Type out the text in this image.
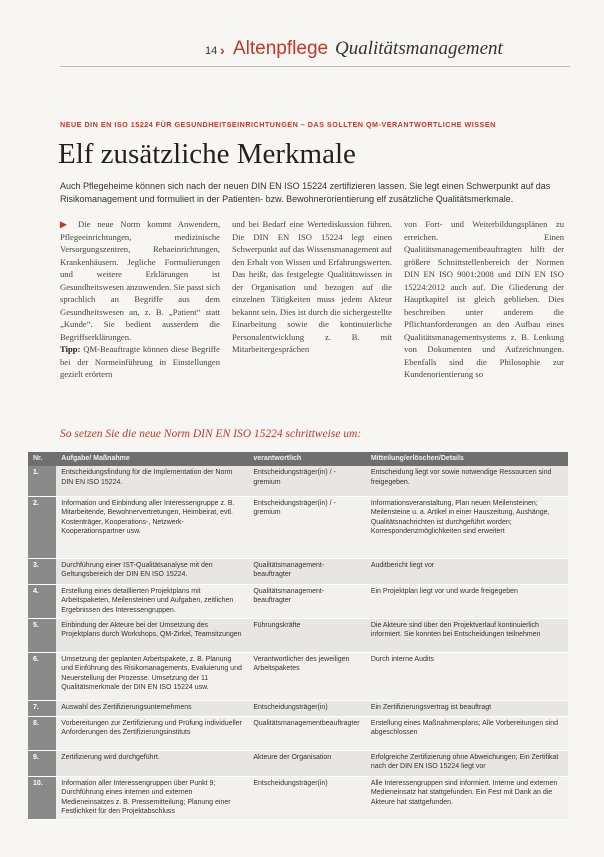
14 › Altenpflege Qualitätsmanagement
NEUE DIN EN ISO 15224 FÜR GESUNDHEITSEINRICHTUNGEN – DAS SOLLTEN QM-VERANTWORTLICHE WISSEN
Elf zusätzliche Merkmale
Auch Pflegeheime können sich nach der neuen DIN EN ISO 15224 zertifizieren lassen. Sie legt einen Schwerpunkt auf das Risikomanagement und formuliert in der Patienten- bzw. Bewohnerorientierung elf zusätzliche Qualitätsmerkmale.

▶ Die neue Norm kommt Anwendern, Pflegeeinrichtungen, medizinische Versorgungszentren, Rehaeinrichtungen, Krankenhäusern. Jegliche Formulierungen und weitere Erklärungen ist Gesundheitswesen anzuwenden. Sie passt sich sprachlich an Begriffe aus dem Gesundheitswesen an, z. B. „Patient“ statt „Kunde“. Sie bedient ausserdem die Begriffserklärungen.

Tipp: QM-Beauftragte können diese Begriffe bei der Normeinführung in Einstellungen gezielt erörtern

und bei Bedarf eine Wertediskussion führen. Die DIN EN ISO 15224 legt einen Schwerpunkt auf das Wissensmanagement auf den Erhalt von Wissen und Erfahrungswerten. Das heißt, das festgelegte Qualitätswissen in der Organisation und bezogen auf die einzelnen Tätigkeiten muss jedem Akteur bekannt sein. Dies ist durch die sichergestellte Einarbeitung sowie die kontinuierliche Personalentwicklung z. B. mit Mitarbeitergesprächen

von Fort- und Weiterbildungsplänen zu erreichen. Einen Qualitätsmanagementbeauftragten hilft der größere Schnittstellenbereich der Normen DIN EN ISO 9001:2008 und DIN EN ISO 15224:2012 auch auf. Die Gliederung der Hauptkapitel ist gleich geblieben. Dies beschreiben unter anderem die Pflichtanforderungen an den Aufbau eines Qualitätsmanagementsystems z. B. Lenkung von Dokumenten und Aufzeichnungen. Ebenfalls sind die Philosophie zur Kundenorientierung so

So setzen Sie die neue Norm DIN EN ISO 15224 schrittweise um:
Nr.	Aufgabe/ Maßnahme	verantwortlich	Mitteilung/erlöschen/Details
1.	Entscheidungsfindung für die Implementation der Norm DIN EN ISO 15224.	Entscheidungsträger(in) / -gremium	Entscheidung liegt vor sowie notwendige Ressourcen sind freigegeben.
2.	Information und Einbindung aller Interessengruppe z. B. Mitarbeitende, Bewohnervertretungen, Heimbeirat, evtl. Kostenträger, Kooperations-, Netzwerk-Kooperationspartner usw.	Entscheidungsträger(in) / -gremium	Informationsveranstaltung, Plan neuen Meilensteinen; Meilensteine u. a. Artikel in einer Hauszeitung, Aushänge, Qualitätsnachrichten ist durchgeführt worden; Korrespondenzmöglichkeiten sind erweitert
3.	Durchführung einer IST-Qualitätsanalyse mit den Geltungsbereich der DIN EN ISO 15224.	Qualitätsmanagement-beauftragter	Auditbericht liegt vor
4.	Erstellung eines detaillierten Projektplans mit Arbeitspaketen, Meilensteinen und Aufgaben, zeitlichen Ergebnissen des Interessengruppen.	Qualitätsmanagement-beauftragter	Ein Projektplan liegt vor und wurde freigegeben
5.	Einbindung der Akteure bei der Umsetzung des Projektplans durch Workshops, QM-Zirkel, Teamsitzungen	Führungskräfte	Die Akteure sind über den Projektverlauf kontinuierlich informiert. Sie konnten bei Entscheidungen teilnehmen
6.	Umsetzung der geplanten Arbeitspakete, z. B. Planung und Einführung des Risikomanagements, Evaluierung und Neuerstellung der Prozesse. Umsetzung der 11 Qualitätsmerkmale der DIN EN ISO 15224 usw.	Verantwortlicher des jeweiligen Arbeitspaketes	Durch interne Audits
7.	Auswahl des Zertifizierungsunternehmens	Entscheidungsträger(in)	Ein Zertifizierungsvertrag ist beauftragt
8.	Vorbereitungen zur Zertifizierung und Prüfung individueller Anforderungen des Zertifizierungsinstituts	Qualitätsmanagementbeauftragter	Erstellung eines Maßnahmenplans; Alle Vorbereitungen sind abgeschlossen
9.	Zertifizierung wird durchgeführt.	Akteure der Organisation	Erfolgreiche Zertifizierung ohne Abweichungen; Ein Zertifikat nach der DIN EN ISO 15224 liegt vor
10.	Information aller Interessengruppen über Punkt 9; Durchführung eines internen und externen Medieneinsatzes z. B. Pressemitteilung; Planung einer Festlichkeit für den Projektabschluss	Entscheidungsträger(in)	Alle Interessengruppen sind informiert. Interne und externen Medieneinsatz hat stattgefunden. Ein Fest mit Dank an die Akteure hat stattgefunden.
